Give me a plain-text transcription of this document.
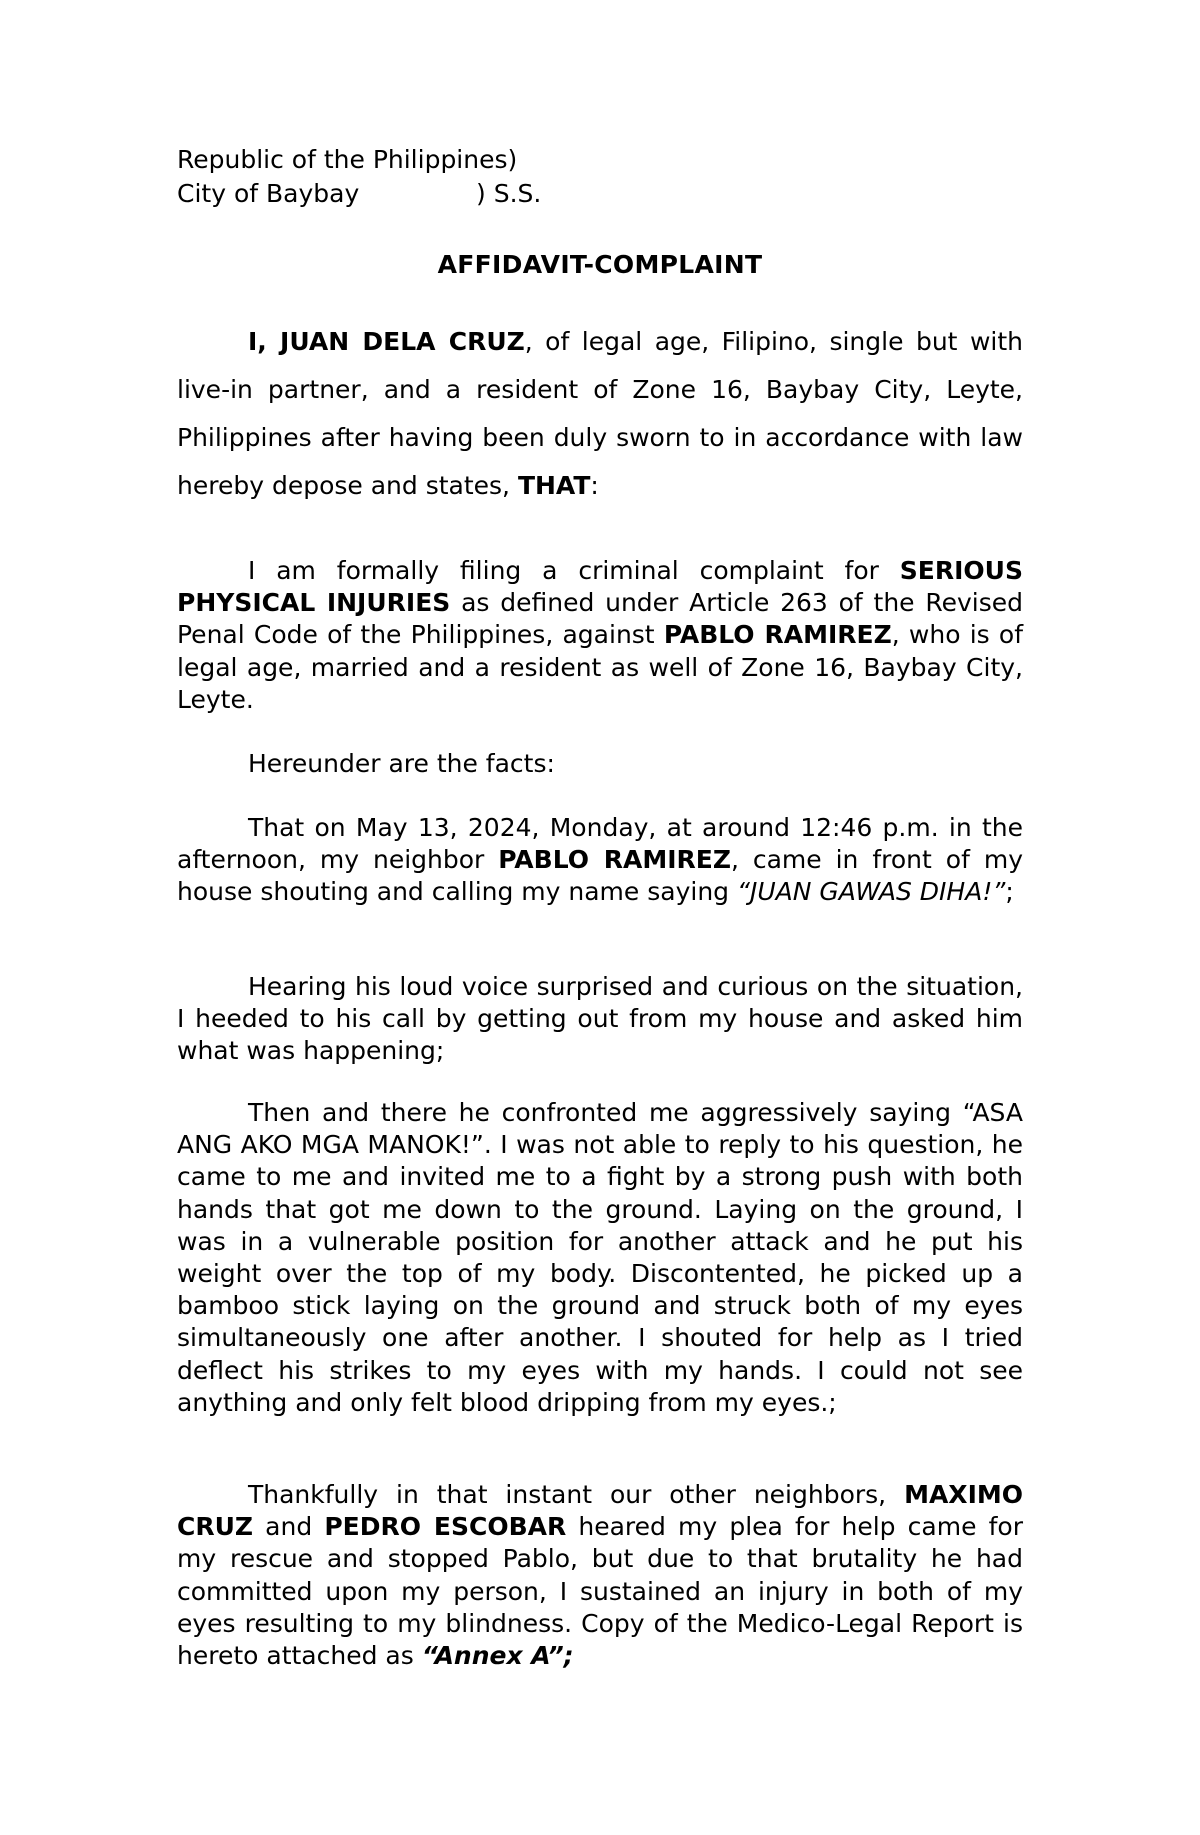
Republic of the Philippines)
City of Baybay	) S.S.
AFFIDAVIT-COMPLAINT

I, JUAN DELA CRUZ, of legal age, Filipino, single but with live-in partner, and a resident of Zone 16, Baybay City, Leyte, Philippines after having been duly sworn to in accordance with law hereby depose and states, THAT:

I am formally filing a criminal complaint for SERIOUS PHYSICAL INJURIES as defined under Article 263 of the Revised Penal Code of the Philippines, against PABLO RAMIREZ, who is of legal age, married and a resident as well of Zone 16, Baybay City, Leyte.

Hereunder are the facts:

That on May 13, 2024, Monday, at around 12:46 p.m. in the afternoon, my neighbor PABLO RAMIREZ, came in front of my house shouting and calling my name saying “JUAN GAWAS DIHA!”;

Hearing his loud voice surprised and curious on the situation, I heeded to his call by getting out from my house and asked him what was happening;

Then and there he confronted me aggressively saying “ASA ANG AKO MGA MANOK!”. I was not able to reply to his question, he came to me and invited me to a fight by a strong push with both hands that got me down to the ground. Laying on the ground, I was in a vulnerable position for another attack and he put his weight over the top of my body. Discontented, he picked up a bamboo stick laying on the ground and struck both of my eyes simultaneously one after another. I shouted for help as I tried deflect his strikes to my eyes with my hands. I could not see anything and only felt blood dripping from my eyes.;

Thankfully in that instant our other neighbors, MAXIMO CRUZ and PEDRO ESCOBAR heared my plea for help came for my rescue and stopped Pablo, but due to that brutality he had committed upon my person, I sustained an injury in both of my eyes resulting to my blindness. Copy of the Medico-Legal Report is hereto attached as “Annex A”;
